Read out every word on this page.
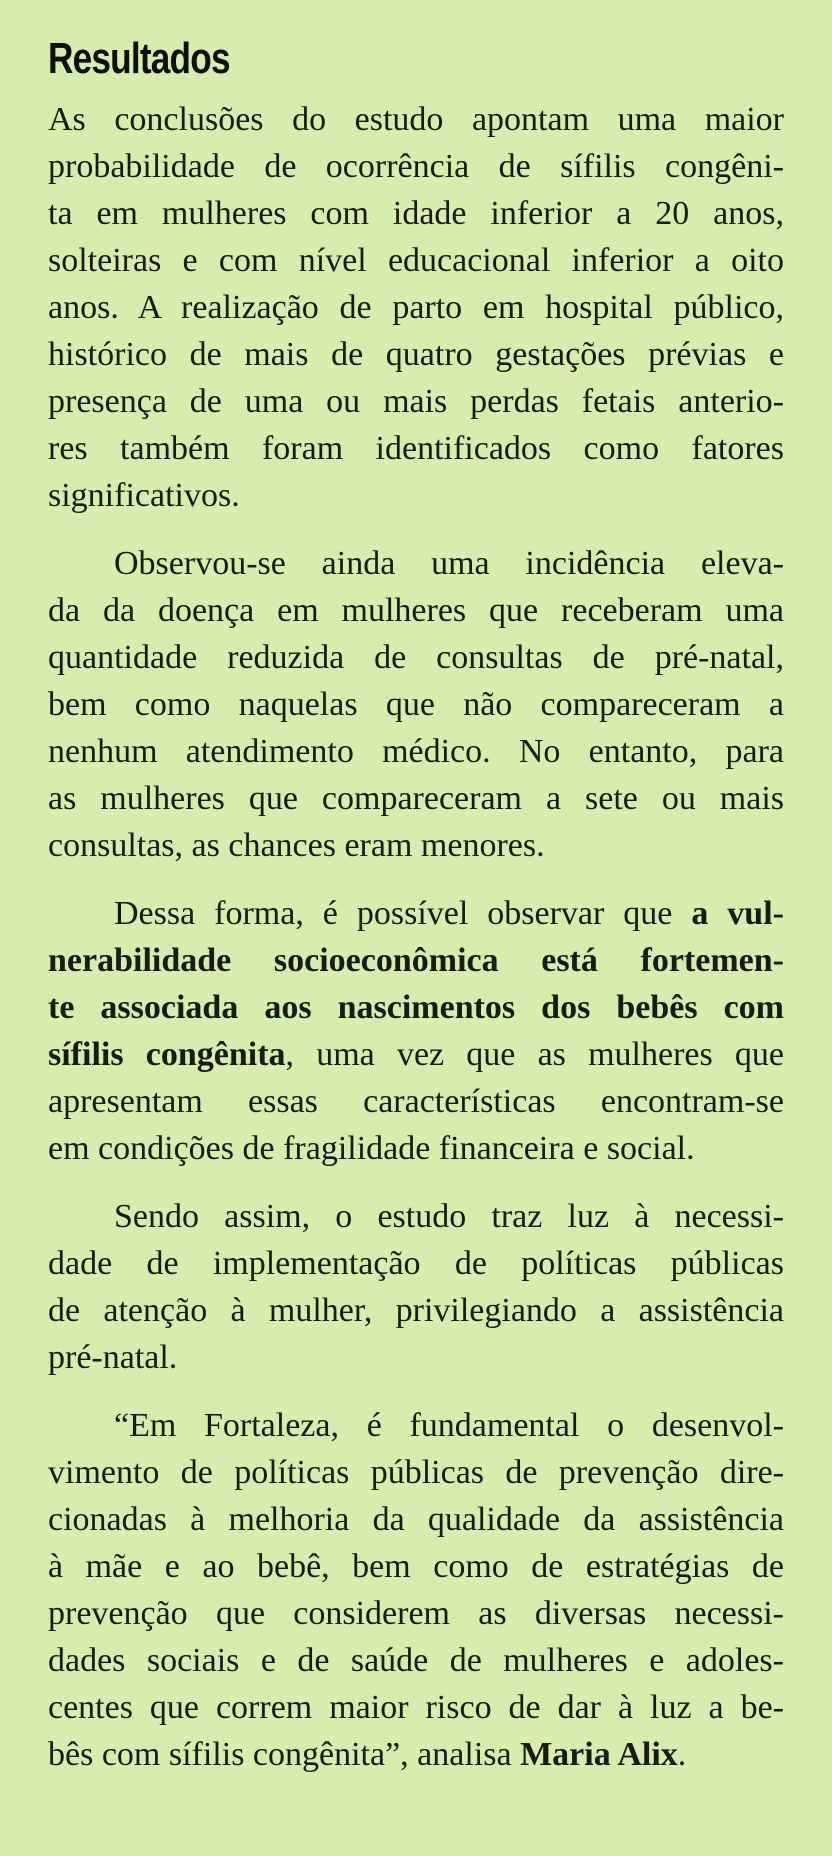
Resultados
As conclusões do estudo apontam uma maior
probabilidade de ocorrência de sífilis congêni-
ta em mulheres com idade inferior a 20 anos,
solteiras e com nível educacional inferior a oito
anos. A realização de parto em hospital público,
histórico de mais de quatro gestações prévias e
presença de uma ou mais perdas fetais anterio-
res também foram identificados como fatores
significativos.
Observou-se ainda uma incidência eleva-
da da doença em mulheres que receberam uma
quantidade reduzida de consultas de pré-natal,
bem como naquelas que não compareceram a
nenhum atendimento médico. No entanto, para
as mulheres que compareceram a sete ou mais
consultas, as chances eram menores.
Dessa forma, é possível observar que a vul-
nerabilidade socioeconômica está fortemen-
te associada aos nascimentos dos bebês com
sífilis congênita, uma vez que as mulheres que
apresentam essas características encontram-se
em condições de fragilidade financeira e social.
Sendo assim, o estudo traz luz à necessi-
dade de implementação de políticas públicas
de atenção à mulher, privilegiando a assistência
pré-natal.
“Em Fortaleza, é fundamental o desenvol-
vimento de políticas públicas de prevenção dire-
cionadas à melhoria da qualidade da assistência
à mãe e ao bebê, bem como de estratégias de
prevenção que considerem as diversas necessi-
dades sociais e de saúde de mulheres e adoles-
centes que correm maior risco de dar à luz a be-
bês com sífilis congênita”, analisa Maria Alix.
